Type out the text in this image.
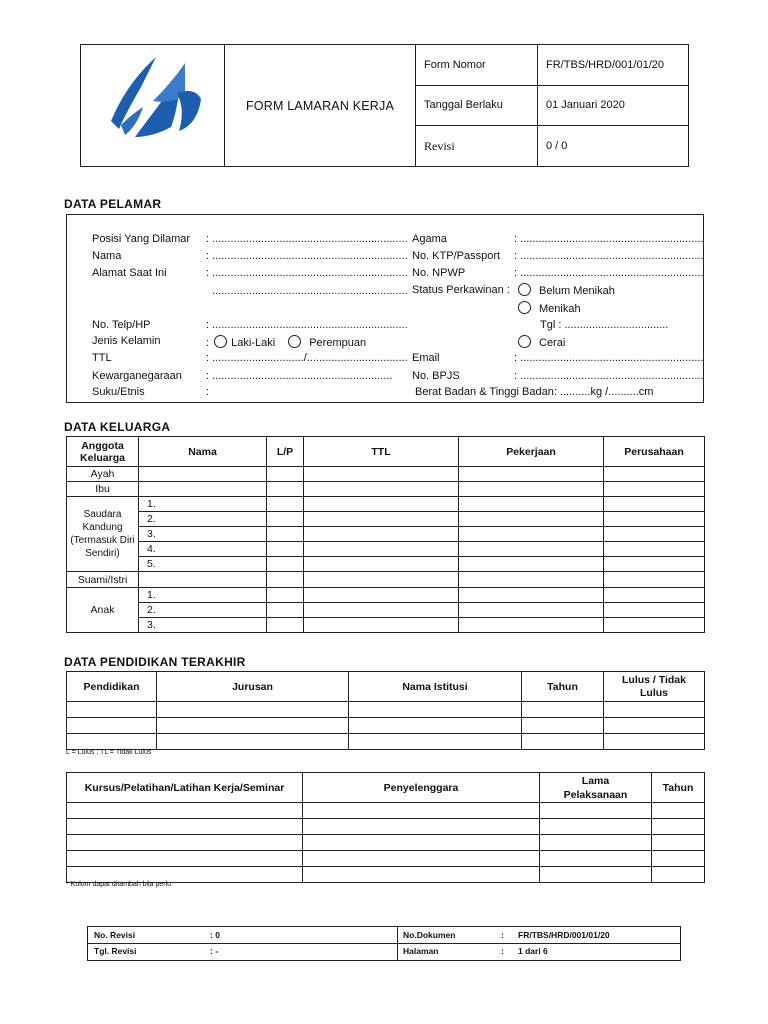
	FORM LAMARAN KERJA	Form Nomor	FR/TBS/HRD/001/01/20
		Tanggal Berlaku	01 Januari 2020
		Revisi	0 / 0
DATA PELAMAR
Posisi Yang Dilamar : ................................................................
Nama	: ................................................................
Alamat Saat Ini	: ................................................................
................................................................
No. Telp/HP	: ................................................................
Jenis Kelamin	: Laki-Laki	Perempuan
TTL	: ............................../.................................
Kewarganegaraan : ...........................................................
Suku/Etnis	:
Agama	: ............................................................
No. KTP/Passport : ............................................................
No. NPWP	: ............................................................
Status Perkawinan :	Belum Menikah
Menikah
Tgl : ..................................
Cerai
Email	: ............................................................
No. BPJS	: ............................................................
Berat Badan & Tinggi Badan: ..........kg /..........cm
DATA KELUARGA
Anggota Keluarga	Nama	L/P	TTL	Pekerjaan	Perusahaan
Ayah					
Ibu					
Saudara Kandung (Termasuk Diri Sendiri)	1.				
	2.				
	3.				
	4.				
	5.				
Suami/Istri					
Anak	1.				
	2.				
	3.				
DATA PENDIDIKAN TERAKHIR
Pendidikan	Jurusan	Nama Istitusi	Tahun	Lulus / Tidak Lulus

L = Lulus ; TL = Tidak Lulus
Kursus/Pelatihan/Latihan Kerja/Seminar	Penyelenggara	Lama Pelaksanaan	Tahun

* Kolom dapat ditambah bila perlu
No. Revisi	: 0
Tgl. Revisi	: -
No.Dokumen	: FR/TBS/HRD/001/01/20
Halaman	: 1 dari 6
